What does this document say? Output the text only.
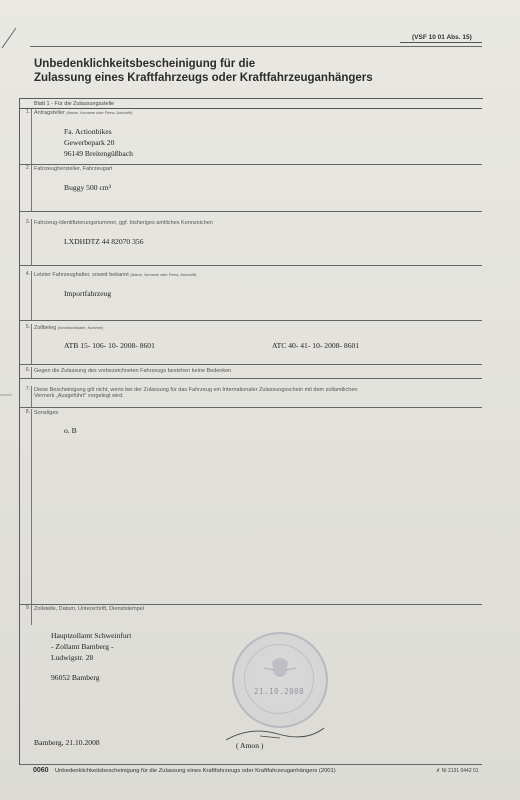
(VSF 10 01 Abs. 15)
Unbedenklichkeitsbescheinigung für die
Zulassung eines Kraftfahrzeugs oder Kraftfahrzeuganhängers
Blatt 1 - Für die Zulassungsstelle
1. Antragsteller (Name, Vorname oder Firma, Anschrift)
Fa. Actionbikes
Gewerbepark 20
96149 Breitengüßbach
2. Fahrzeughersteller, Fahrzeugart
Buggy 500 cm³
3. Fahrzeug-Identifizierungsnummer, ggf. bisheriges amtliches Kennzeichen
LXDHDTZ 44 82070 356
4. Letzter Fahrzeughalter, soweit bekannt (Name, Vorname oder Firma, Anschrift)
Importfahrzeug
5. Zollbeleg (Kennbuchstabe, Nummer)
ATB 15- 106- 10- 2008- 8601	ATC 40- 41- 10- 2008- 8601
6. Gegen die Zulassung des vorbezeichneten Fahrzeugs bestehen keine Bedenken.
7. Diese Bescheinigung gilt nicht, wenn bei der Zulassung für das Fahrzeug ein Internationaler Zulassungsschein mit dem zollamtlichen
Vermerk „Ausgeführt" vorgelegt wird.
8. Sonstiges
o. B
9. Zollstelle, Datum, Unterschrift, Dienststempel
Hauptzollamt Schweinfurt
- Zollamt Bamberg -
Ludwigstr. 28
96052 Bamberg
21.10.2008
Bamberg, 21.10.2008	( Amon )
0060 Unbedenklichkeitsbescheinigung für die Zulassung eines Kraftfahrzeugs oder Kraftfahrzeuganhängers (2001)	✗ NI 2131 0442 01
